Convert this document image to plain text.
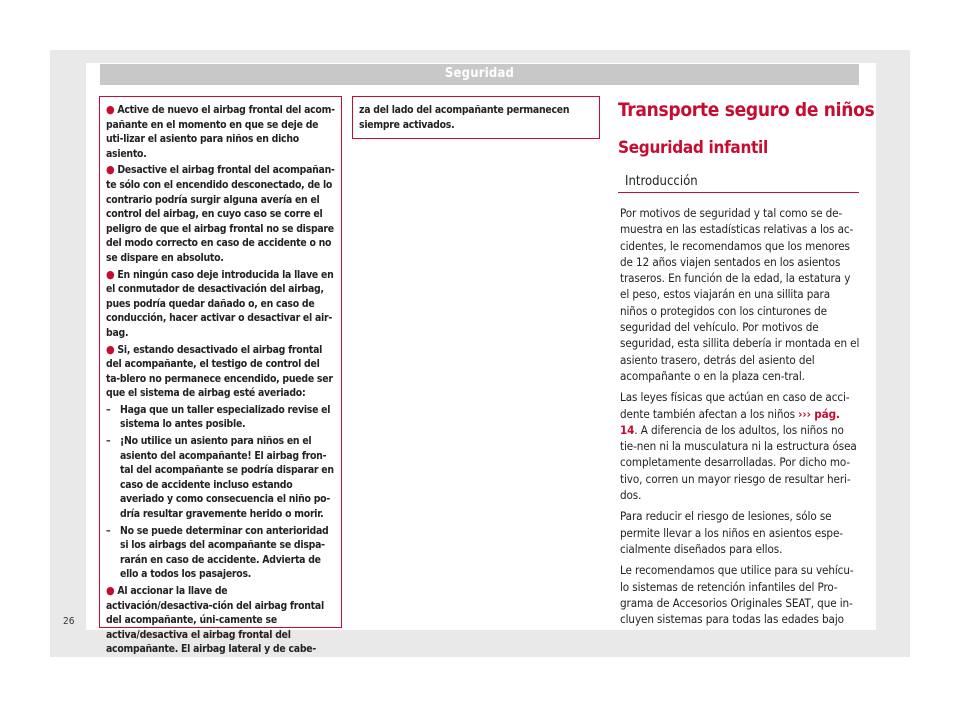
Seguridad

● Active de nuevo el airbag frontal del acom-pañante en el momento en que se deje de uti-lizar el asiento para niños en dicho asiento.

● Desactive el airbag frontal del acompañan-te sólo con el encendido desconectado, de lo contrario podría surgir alguna avería en el control del airbag, en cuyo caso se corre el peligro de que el airbag frontal no se dispare del modo correcto en caso de accidente o no se dispare en absoluto.

● En ningún caso deje introducida la llave en el conmutador de desactivación del airbag, pues podría quedar dañado o, en caso de conducción, hacer activar o desactivar el air-bag.

● Si, estando desactivado el airbag frontal del acompañante, el testigo de control del ta-blero no permanece encendido, puede ser que el sistema de airbag esté averiado:

– Haga que un taller especializado revise el sistema lo antes posible.

– ¡No utilice un asiento para niños en el asiento del acompañante! El airbag fron-tal del acompañante se podría disparar en caso de accidente incluso estando averiado y como consecuencia el niño po-dría resultar gravemente herido o morir.

– No se puede determinar con anterioridad si los airbags del acompañante se dispa-rarán en caso de accidente. Advierta de ello a todos los pasajeros.

● Al accionar la llave de activación/desactiva-ción del airbag frontal del acompañante, úni-camente se activa/desactiva el airbag frontal del acompañante. El airbag lateral y de cabe-

za del lado del acompañante permanecen siempre activados.
Transporte seguro de niños
Seguridad infantil
Introducción

Por motivos de seguridad y tal como se de-muestra en las estadísticas relativas a los ac-cidentes, le recomendamos que los menores de 12 años viajen sentados en los asientos traseros. En función de la edad, la estatura y el peso, estos viajarán en una sillita para niños o protegidos con los cinturones de seguridad del vehículo. Por motivos de seguridad, esta sillita debería ir montada en el asiento trasero, detrás del asiento del acompañante o en la plaza cen-tral.

Las leyes físicas que actúan en caso de acci-dente también afectan a los niños ››› pág. 14. A diferencia de los adultos, los niños no tie-nen ni la musculatura ni la estructura ósea completamente desarrolladas. Por dicho mo-tivo, corren un mayor riesgo de resultar heri-dos.

Para reducir el riesgo de lesiones, sólo se permite llevar a los niños en asientos espe-cialmente diseñados para ellos.

Le recomendamos que utilice para su vehícu-lo sistemas de retención infantiles del Pro-grama de Accesorios Originales SEAT, que in-cluyen sistemas para todas las edades bajo

26
